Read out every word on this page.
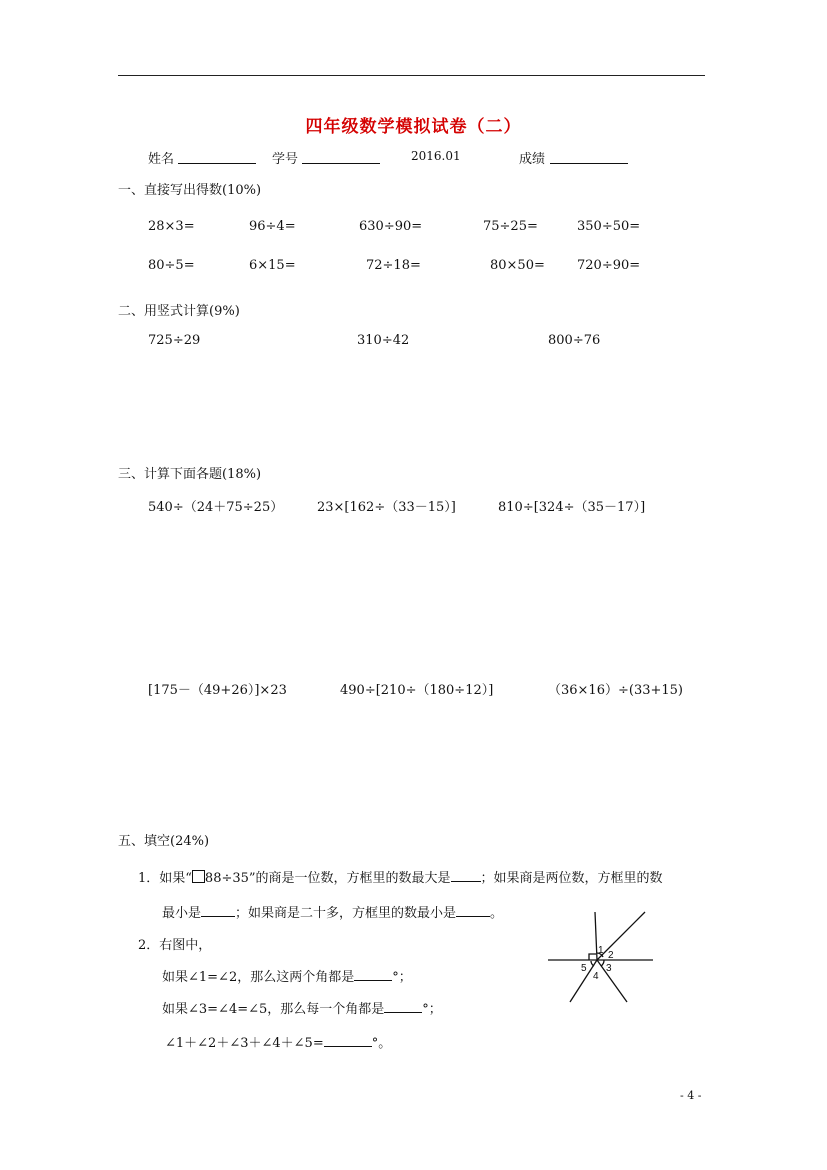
四年级数学模拟试卷（二）
姓名	学号	2016.01	成绩
一、直接写出得数(10%)
28×3=	96÷4=	630÷90=	75÷25=	350÷50=
80÷5=	6×15=	72÷18=	80×50= 720÷90=
二、用竖式计算(9%)
725÷29	310÷42	800÷76
三、计算下面各题(18%)
540÷（24＋75÷25）	23×[162÷（33－15）]	810÷[324÷（35－17）]
[175－（49+26）]×23	490÷[210÷（180÷12）]	（36×16）÷(33+15)
五、填空(24%)
1．如果“ 88÷35”的商是一位数，方框里的数最大是 ；如果商是两位数，方框里的数
最小是	；如果商是二十多，方框里的数最小是	。
2．右图中，
如果∠1=∠2，那么这两个角都是	°；
如果∠3=∠4=∠5，那么每一个角都是	°；
∠1＋∠2＋∠3＋∠4＋∠5=	°。
1 2
3
4
5
- 4 -
